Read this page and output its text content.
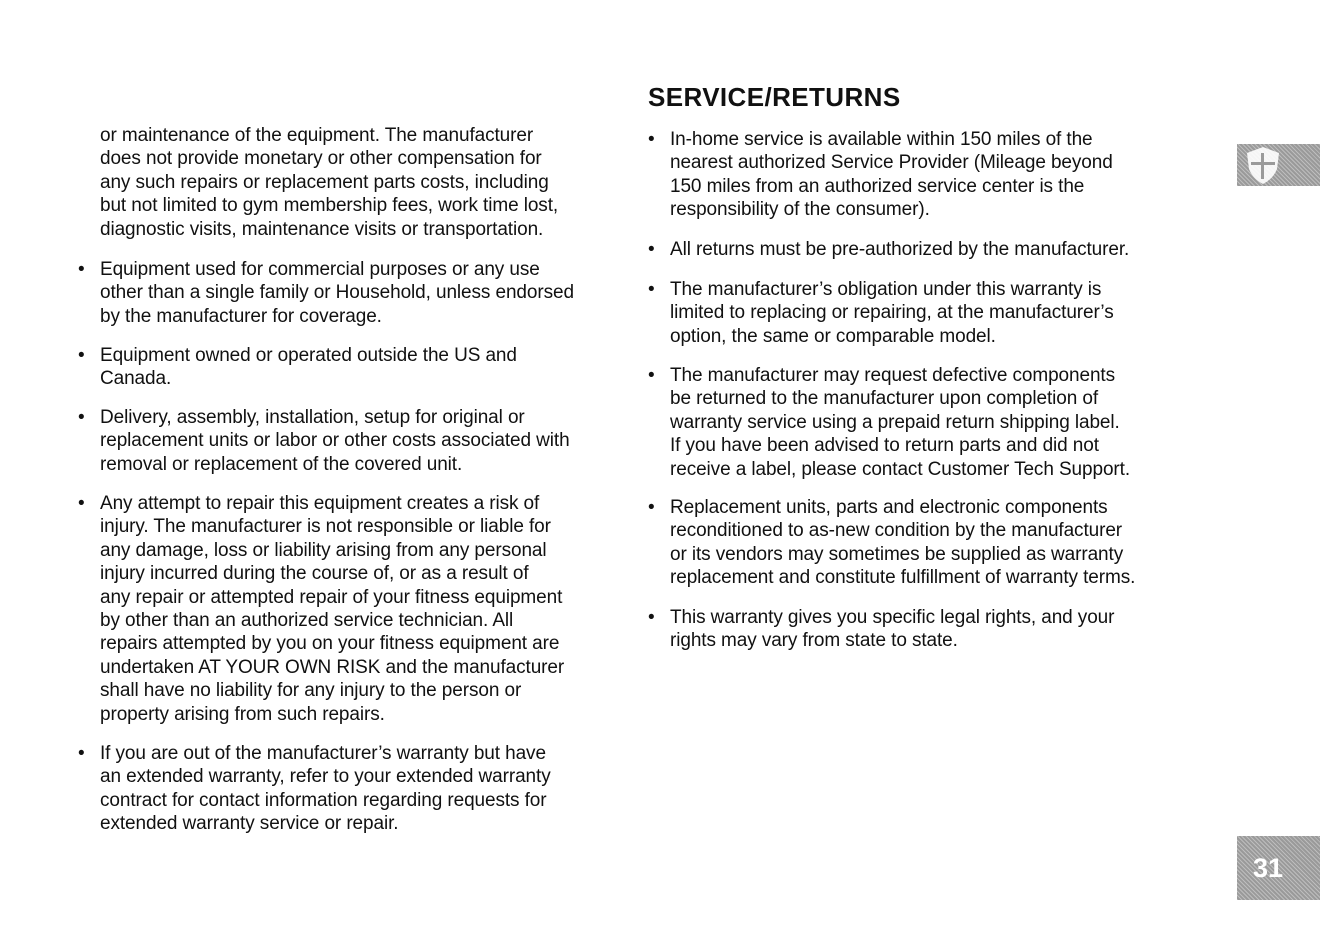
or maintenance of the equipment. The manufacturer
does not provide monetary or other compensation for
any such repairs or replacement parts costs, including
but not limited to gym membership fees, work time lost,
diagnostic visits, maintenance visits or transportation.
• Equipment used for commercial purposes or any use
other than a single family or Household, unless endorsed
by the manufacturer for coverage.
• Equipment owned or operated outside the US and
Canada.
• Delivery, assembly, installation, setup for original or
replacement units or labor or other costs associated with
removal or replacement of the covered unit.
• Any attempt to repair this equipment creates a risk of
injury. The manufacturer is not responsible or liable for
any damage, loss or liability arising from any personal
injury incurred during the course of, or as a result of
any repair or attempted repair of your fitness equipment
by other than an authorized service technician. All
repairs attempted by you on your fitness equipment are
undertaken AT YOUR OWN RISK and the manufacturer
shall have no liability for any injury to the person or
property arising from such repairs.
• If you are out of the manufacturer’s warranty but have
an extended warranty, refer to your extended warranty
contract for contact information regarding requests for
extended warranty service or repair.
SERVICE/RETURNS
• In-home service is available within 150 miles of the
nearest authorized Service Provider (Mileage beyond
150 miles from an authorized service center is the
responsibility of the consumer).
• All returns must be pre-authorized by the manufacturer.
• The manufacturer’s obligation under this warranty is
limited to replacing or repairing, at the manufacturer’s
option, the same or comparable model.
• The manufacturer may request defective components
be returned to the manufacturer upon completion of
warranty service using a prepaid return shipping label.
If you have been advised to return parts and did not
receive a label, please contact Customer Tech Support.
• Replacement units, parts and electronic components
reconditioned to as-new condition by the manufacturer
or its vendors may sometimes be supplied as warranty
replacement and constitute fulfillment of warranty terms.
• This warranty gives you specific legal rights, and your
rights may vary from state to state.
31
